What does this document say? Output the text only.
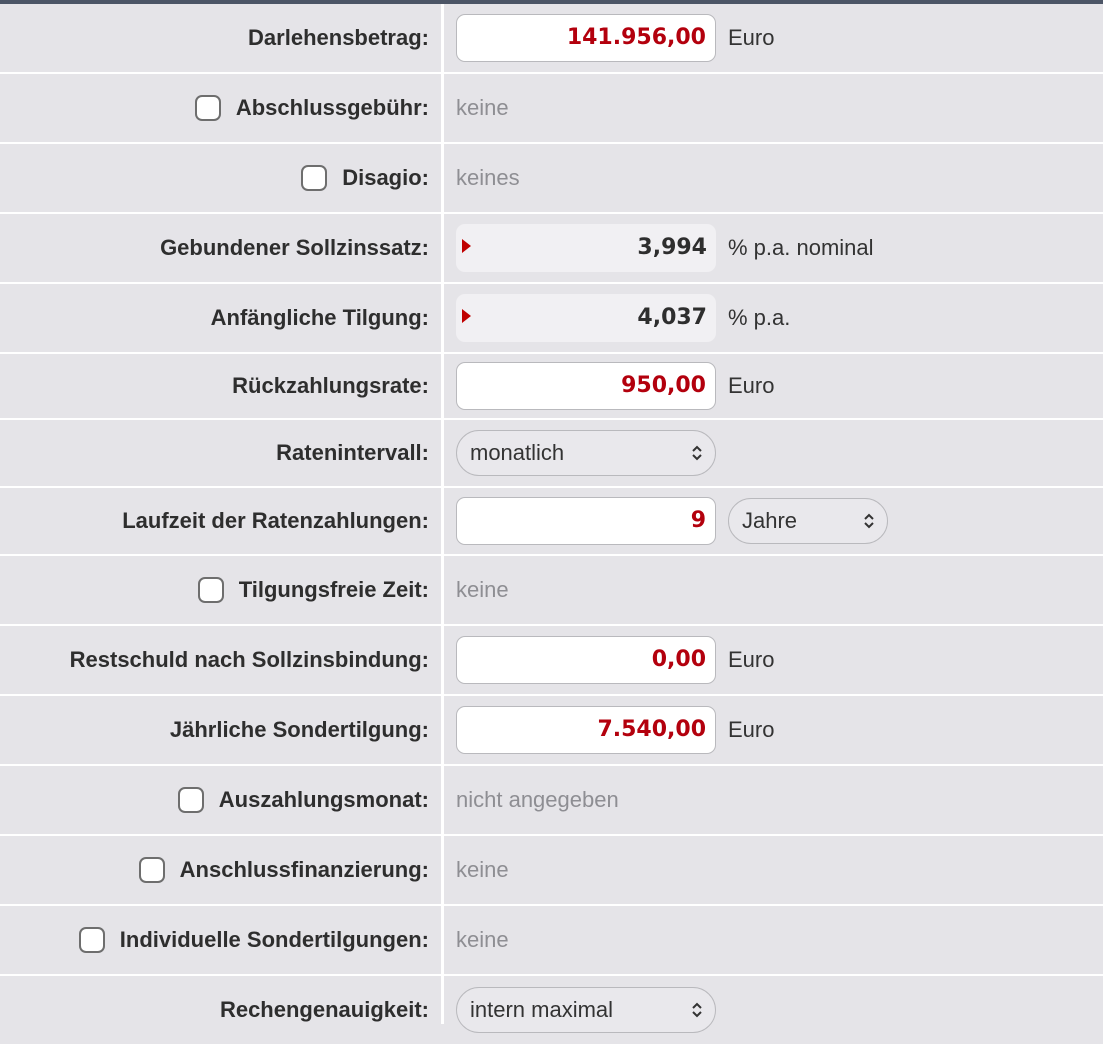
Darlehensbetrag:	141.956,00	Euro
Abschlussgebühr: keine
Disagio: keines
Gebundener Sollzinssatz:	3,994 % p.a. nominal
Anfängliche Tilgung:	4,037 % p.a.
Rückzahlungsrate:	950,00	Euro
Ratenintervall:	monatlich
Laufzeit der Ratenzahlungen:	9	Jahre
Tilgungsfreie Zeit: keine
Restschuld nach Sollzinsbindung:	0,00	Euro
Jährliche Sondertilgung:	7.540,00	Euro
Auszahlungsmonat: nicht angegeben
Anschlussfinanzierung: keine
Individuelle Sondertilgungen: keine
Rechengenauigkeit:	intern maximal
